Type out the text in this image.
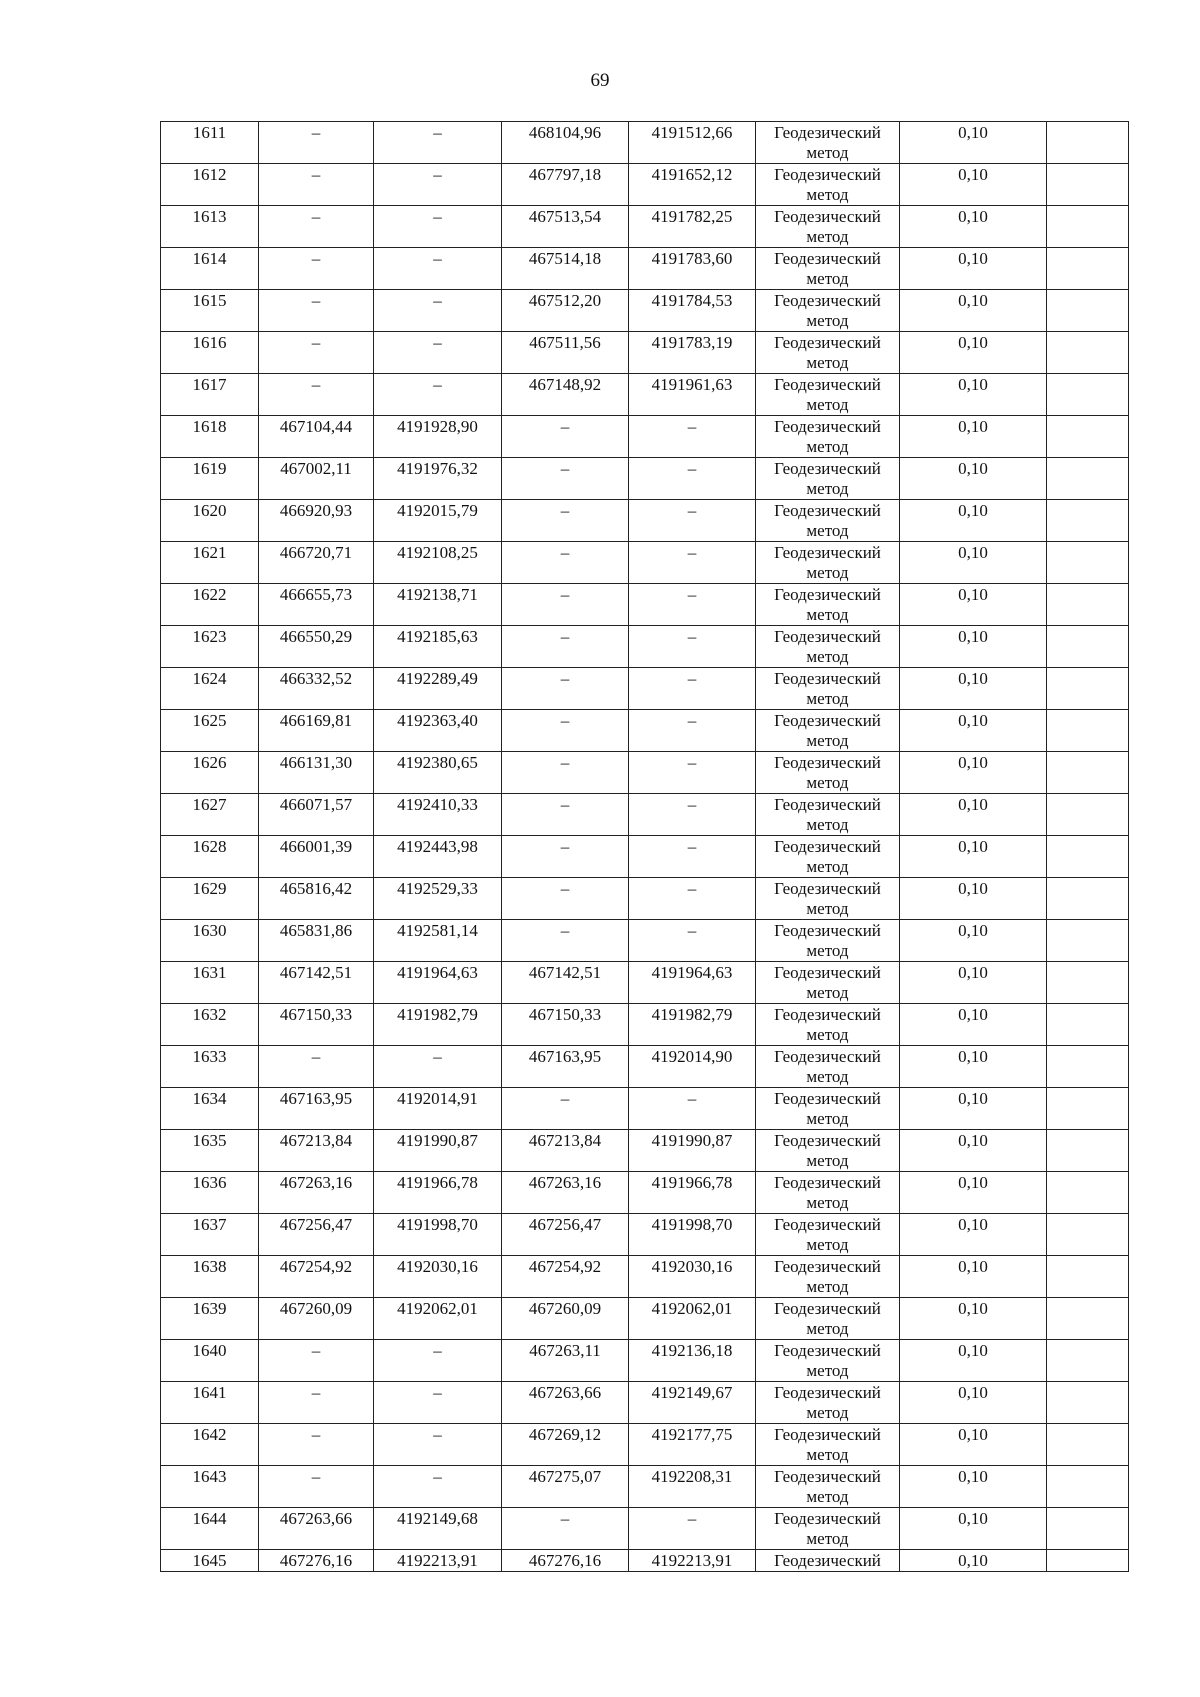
69
1611	–	–	468104,96	4191512,66	Геодезический
метод	0,10	

1612	–	–	467797,18	4191652,12	Геодезический
метод	0,10	

1613	–	–	467513,54	4191782,25	Геодезический
метод	0,10	

1614	–	–	467514,18	4191783,60	Геодезический
метод	0,10	

1615	–	–	467512,20	4191784,53	Геодезический
метод	0,10	

1616	–	–	467511,56	4191783,19	Геодезический
метод	0,10	

1617	–	–	467148,92	4191961,63	Геодезический
метод	0,10	

1618	467104,44	4191928,90	–	–	Геодезический
метод	0,10	

1619	467002,11	4191976,32	–	–	Геодезический
метод	0,10	

1620	466920,93	4192015,79	–	–	Геодезический
метод	0,10	

1621	466720,71	4192108,25	–	–	Геодезический
метод	0,10	

1622	466655,73	4192138,71	–	–	Геодезический
метод	0,10	

1623	466550,29	4192185,63	–	–	Геодезический
метод	0,10	

1624	466332,52	4192289,49	–	–	Геодезический
метод	0,10	

1625	466169,81	4192363,40	–	–	Геодезический
метод	0,10	

1626	466131,30	4192380,65	–	–	Геодезический
метод	0,10	

1627	466071,57	4192410,33	–	–	Геодезический
метод	0,10	

1628	466001,39	4192443,98	–	–	Геодезический
метод	0,10	

1629	465816,42	4192529,33	–	–	Геодезический
метод	0,10	

1630	465831,86	4192581,14	–	–	Геодезический
метод	0,10	

1631	467142,51	4191964,63	467142,51	4191964,63	Геодезический
метод	0,10	

1632	467150,33	4191982,79	467150,33	4191982,79	Геодезический
метод	0,10	

1633	–	–	467163,95	4192014,90	Геодезический
метод	0,10	

1634	467163,95	4192014,91	–	–	Геодезический
метод	0,10	

1635	467213,84	4191990,87	467213,84	4191990,87	Геодезический
метод	0,10	

1636	467263,16	4191966,78	467263,16	4191966,78	Геодезический
метод	0,10	

1637	467256,47	4191998,70	467256,47	4191998,70	Геодезический
метод	0,10	

1638	467254,92	4192030,16	467254,92	4192030,16	Геодезический
метод	0,10	

1639	467260,09	4192062,01	467260,09	4192062,01	Геодезический
метод	0,10	

1640	–	–	467263,11	4192136,18	Геодезический
метод	0,10	

1641	–	–	467263,66	4192149,67	Геодезический
метод	0,10	

1642	–	–	467269,12	4192177,75	Геодезический
метод	0,10	

1643	–	–	467275,07	4192208,31	Геодезический
метод	0,10	

1644	467263,66	4192149,68	–	–	Геодезический
метод	0,10	

1645	467276,16	4192213,91	467276,16	4192213,91	Геодезический	0,10	
